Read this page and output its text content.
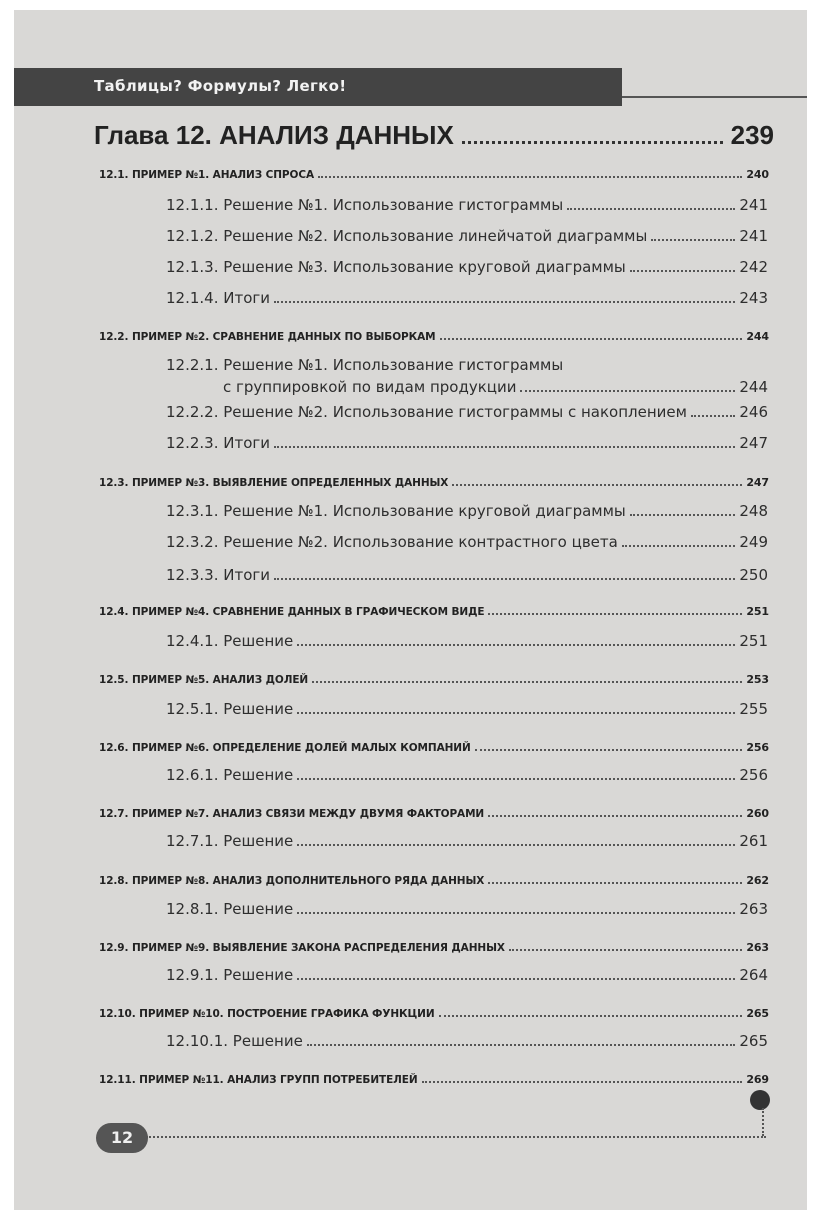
Таблицы? Формулы? Легко!
Глава 12. АНАЛИЗ ДАННЫХ	239
12.1. ПРИМЕР №1. АНАЛИЗ СПРОСА	240
12.1.1. Решение №1. Использование гистограммы	241
12.1.2. Решение №2. Использование линейчатой диаграммы	241
12.1.3. Решение №3. Использование круговой диаграммы	242
12.1.4. Итоги	243
12.2. ПРИМЕР №2. СРАВНЕНИЕ ДАННЫХ ПО ВЫБОРКАМ	244
12.2.1. Решение №1. Использование гистограммы
с группировкой по видам продукции	244
12.2.2. Решение №2. Использование гистограммы с накоплением	246
12.2.3. Итоги	247
12.3. ПРИМЕР №3. ВЫЯВЛЕНИЕ ОПРЕДЕЛЕННЫХ ДАННЫХ	247
12.3.1. Решение №1. Использование круговой диаграммы	248
12.3.2. Решение №2. Использование контрастного цвета	249
12.3.3. Итоги	250
12.4. ПРИМЕР №4. СРАВНЕНИЕ ДАННЫХ В ГРАФИЧЕСКОМ ВИДЕ	251
12.4.1. Решение	251
12.5. ПРИМЕР №5. АНАЛИЗ ДОЛЕЙ	253
12.5.1. Решение	255
12.6. ПРИМЕР №6. ОПРЕДЕЛЕНИЕ ДОЛЕЙ МАЛЫХ КОМПАНИЙ	256
12.6.1. Решение	256
12.7. ПРИМЕР №7. АНАЛИЗ СВЯЗИ МЕЖДУ ДВУМЯ ФАКТОРАМИ	260
12.7.1. Решение	261
12.8. ПРИМЕР №8. АНАЛИЗ ДОПОЛНИТЕЛЬНОГО РЯДА ДАННЫХ	262
12.8.1. Решение	263
12.9. ПРИМЕР №9. ВЫЯВЛЕНИЕ ЗАКОНА РАСПРЕДЕЛЕНИЯ ДАННЫХ	263
12.9.1. Решение	264
12.10. ПРИМЕР №10. ПОСТРОЕНИЕ ГРАФИКА ФУНКЦИИ	265
12.10.1. Решение	265
12.11. ПРИМЕР №11. АНАЛИЗ ГРУПП ПОТРЕБИТЕЛЕЙ	269
12
